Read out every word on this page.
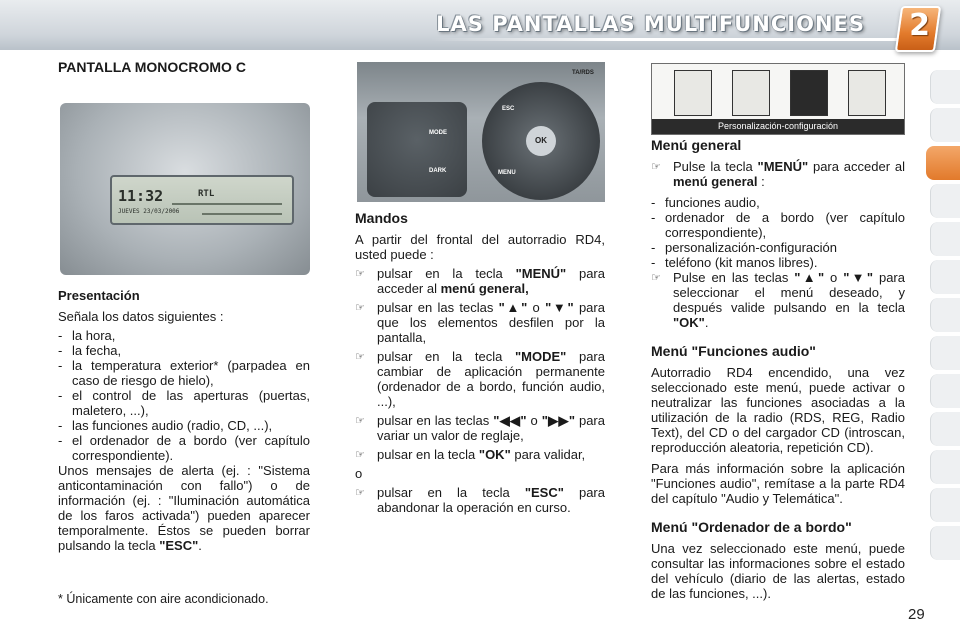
LAS PANTALLAS MULTIFUNCIONES 2
PANTALLA MONOCROMO C
11:32	RTL
JUEVES 23/03/2006
Presentación

Señala los datos siguientes :

- la hora,
- la fecha,
- la temperatura exterior* (parpadea en caso de riesgo de hielo),
- el control de las aperturas (puertas, maletero, ...),
- las funciones audio (radio, CD, ...),
- el ordenador de a bordo (ver capítulo correspondiente).

Unos mensajes de alerta (ej. : "Sistema anticontaminación con fallo") o de información (ej. : "Iluminación automática de los faros activada") pueden aparecer temporalmente. Éstos se pueden borrar pulsando la tecla "ESC".

* Únicamente con aire acondicionado.
MODE
DARK
ESC
MENU
OK
TA/RDS
Mandos

A partir del frontal del autorradio RD4, usted puede :

☞ pulsar en la tecla "MENÚ" para acceder al menú general,
☞ pulsar en las teclas "▲" o "▼" para que los elementos desfilen por la pantalla,
☞ pulsar en la tecla "MODE" para cambiar de aplicación permanente (ordenador de a bordo, función audio, ...),
☞ pulsar en las teclas "◀◀" o "▶▶" para variar un valor de reglaje,
☞ pulsar en la tecla "OK" para validar,

o

☞ pulsar en la tecla "ESC" para abandonar la operación en curso.
Personalización-configuración
Menú general
☞ Pulse la tecla "MENÚ" para acceder al menú general :
- funciones audio,
- ordenador de a bordo (ver capítulo correspondiente),
- personalización-configuración
- teléfono (kit manos libres).
☞ Pulse en las teclas "▲" o "▼" para seleccionar el menú deseado, y después valide pulsando en la tecla "OK".
Menú "Funciones audio"

Autorradio RD4 encendido, una vez seleccionado este menú, puede activar o neutralizar las funciones asociadas a la utilización de la radio (RDS, REG, Radio Text), del CD o del cargador CD (introscan, reproducción aleatoria, repetición CD).

Para más información sobre la aplicación "Funciones audio", remítase a la parte RD4 del capítulo "Audio y Telemática".

Menú "Ordenador de a bordo"

Una vez seleccionado este menú, puede consultar las informaciones sobre el estado del vehículo (diario de las alertas, estado de las funciones, ...).

29
